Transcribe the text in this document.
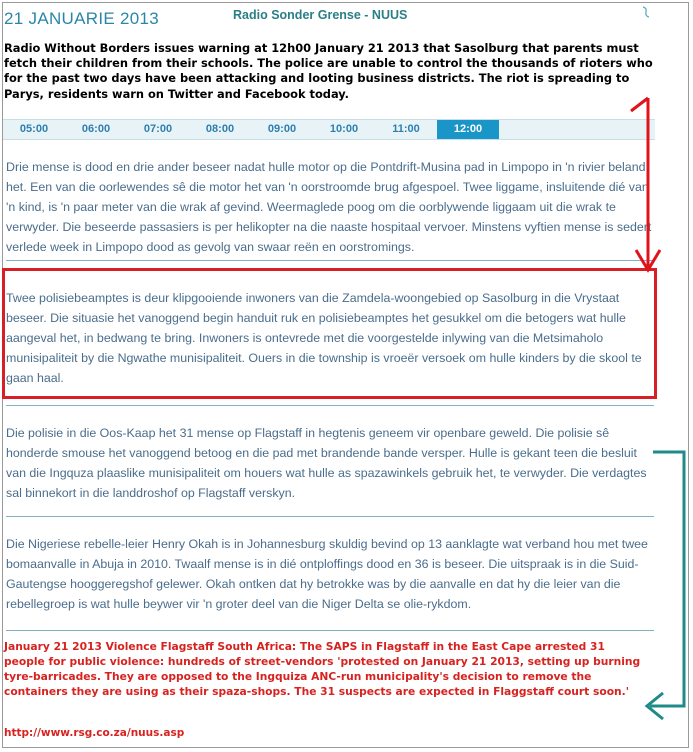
21 JANUARIE 2013	Radio Sonder Grense - NUUS
Radio Without Borders issues warning at 12h00 January 21 2013 that Sasolburg that parents must fetch their children from their schools. The police are unable to control the thousands of rioters who for the past two days have been attacking and looting business districts. The riot is spreading to Parys, residents warn on Twitter and Facebook today.
05:00	06:00	07:00	08:00	09:00	10:00	11:00	12:00
Drie mense is dood en drie ander beseer nadat hulle motor op die Pontdrift-Musina pad in Limpopo in 'n rivier beland het. Een van die oorlewendes sê die motor het van 'n oorstroomde brug afgespoel. Twee liggame, insluitende dié van 'n kind, is 'n paar meter van die wrak af gevind. Weermaglede poog om die oorblywende liggaam uit die wrak te verwyder. Die beseerde passasiers is per helikopter na die naaste hospitaal vervoer. Minstens vyftien mense is sedert verlede week in Limpopo dood as gevolg van swaar reën en oorstromings.
Twee polisiebeamptes is deur klipgooiende inwoners van die Zamdela-woongebied op Sasolburg in die Vrystaat beseer. Die situasie het vanoggend begin handuit ruk en polisiebeamptes het gesukkel om die betogers wat hulle aangeval het, in bedwang te bring. Inwoners is ontevrede met die voorgestelde inlywing van die Metsimaholo munisipaliteit by die Ngwathe munisipaliteit. Ouers in die township is vroeër versoek om hulle kinders by die skool te gaan haal.
Die polisie in die Oos-Kaap het 31 mense op Flagstaff in hegtenis geneem vir openbare geweld. Die polisie sê honderde smouse het vanoggend betoog en die pad met brandende bande versper. Hulle is gekant teen die besluit van die Ingquza plaaslike munisipaliteit om houers wat hulle as spazawinkels gebruik het, te verwyder. Die verdagtes sal binnekort in die landdroshof op Flagstaff verskyn.
Die Nigeriese rebelle-leier Henry Okah is in Johannesburg skuldig bevind op 13 aanklagte wat verband hou met twee bomaanvalle in Abuja in 2010. Twaalf mense is in dié ontploffings dood en 36 is beseer. Die uitspraak is in die Suid-Gautengse hooggeregshof gelewer. Okah ontken dat hy betrokke was by die aanvalle en dat hy die leier van die rebellegroep is wat hulle beywer vir 'n groter deel van die Niger Delta se olie-rykdom.
January 21 2013 Violence Flagstaff South Africa: The SAPS in Flagstaff in the East Cape arrested 31 people for public violence: hundreds of street-vendors 'protested on January 21 2013, setting up burning tyre-barricades. They are opposed to the Ingquiza ANC-run municipality's decision to remove the containers they are using as their spaza-shops. The 31 suspects are expected in Flaggstaff court soon.'
http://www.rsg.co.za/nuus.asp
